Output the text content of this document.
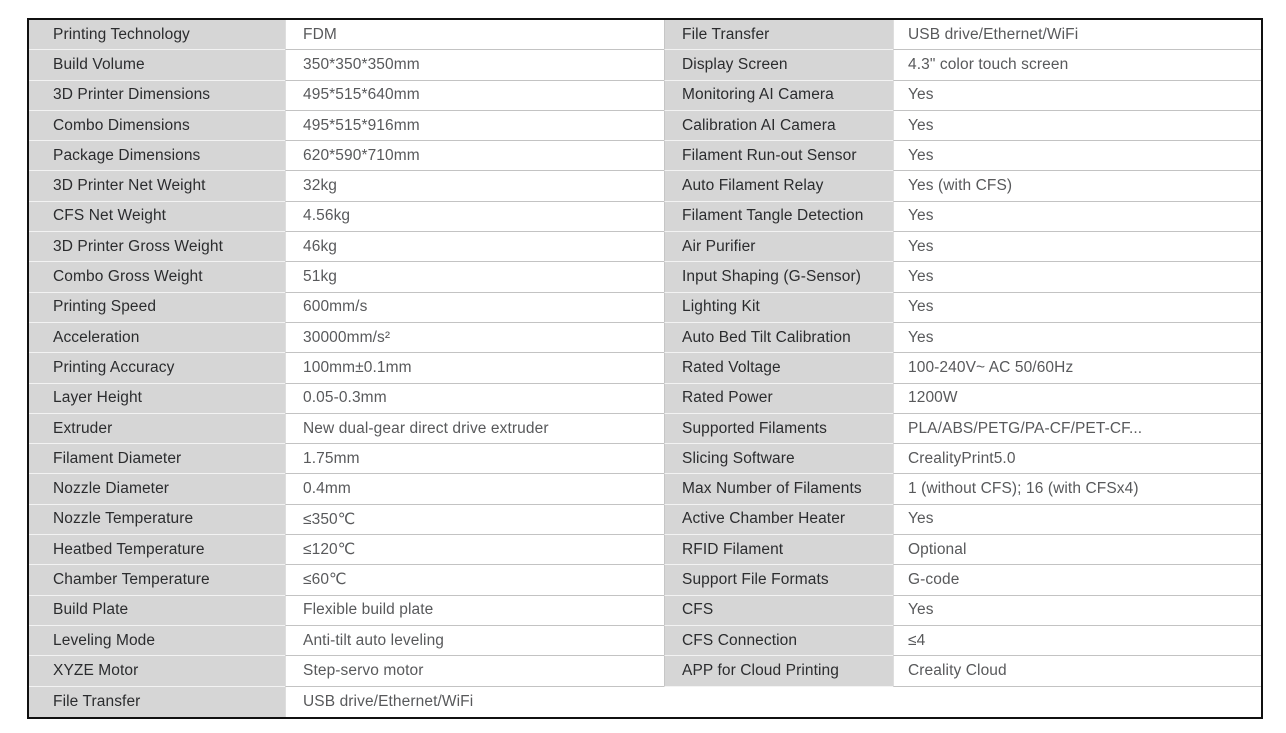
Printing Technology	FDM	File Transfer	USB drive/Ethernet/WiFi
Build Volume	350*350*350mm	Display Screen	4.3" color touch screen
3D Printer Dimensions	495*515*640mm	Monitoring AI Camera	Yes
Combo Dimensions	495*515*916mm	Calibration AI Camera	Yes
Package Dimensions	620*590*710mm	Filament Run-out Sensor	Yes
3D Printer Net Weight	32kg	Auto Filament Relay	Yes (with CFS)
CFS Net Weight	4.56kg	Filament Tangle Detection	Yes
3D Printer Gross Weight	46kg	Air Purifier	Yes
Combo Gross Weight	51kg	Input Shaping (G-Sensor)	Yes
Printing Speed	600mm/s	Lighting Kit	Yes
Acceleration	30000mm/s²	Auto Bed Tilt Calibration	Yes
Printing Accuracy	100mm±0.1mm	Rated Voltage	100-240V~ AC 50/60Hz
Layer Height	0.05-0.3mm	Rated Power	1200W
Extruder	New dual-gear direct drive extruder	Supported Filaments	PLA/ABS/PETG/PA-CF/PET-CF...
Filament Diameter	1.75mm	Slicing Software	CrealityPrint5.0
Nozzle Diameter	0.4mm	Max Number of Filaments	1 (without CFS); 16 (with CFSx4)
Nozzle Temperature	≤350℃	Active Chamber Heater	Yes
Heatbed Temperature	≤120℃	RFID Filament	Optional
Chamber Temperature	≤60℃	Support File Formats	G-code
Build Plate	Flexible build plate	CFS	Yes
Leveling Mode	Anti-tilt auto leveling	CFS Connection	≤4
XYZE Motor	Step-servo motor	APP for Cloud Printing	Creality Cloud
File Transfer	USB drive/Ethernet/WiFi
